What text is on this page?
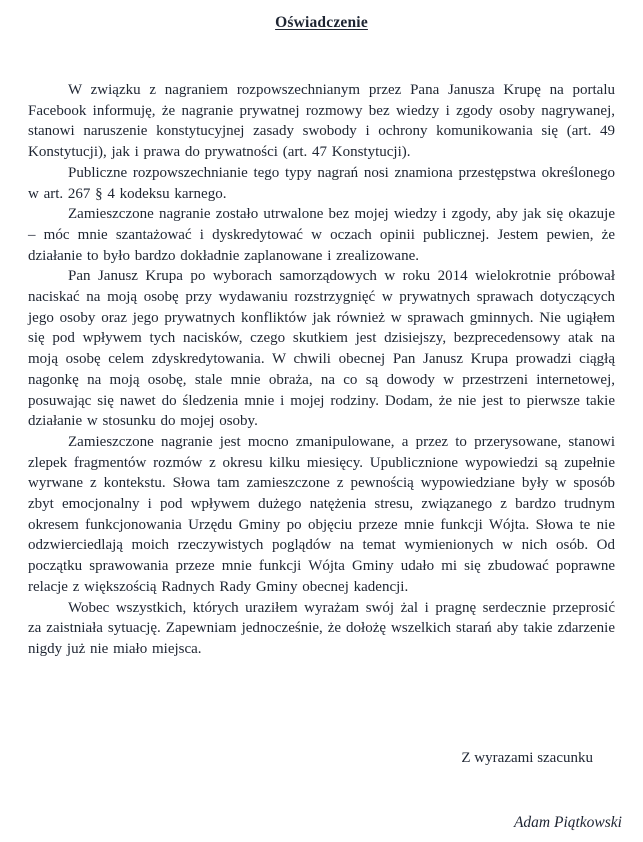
Oświadczenie

W związku z nagraniem rozpowszechnianym przez Pana Janusza Krupę na portalu Facebook informuję, że nagranie prywatnej rozmowy bez wiedzy i zgody osoby nagrywanej, stanowi naruszenie konstytucyjnej zasady swobody i ochrony komunikowania się (art. 49 Konstytucji), jak i prawa do prywatności (art. 47 Konstytucji).

Publiczne rozpowszechnianie tego typy nagrań nosi znamiona przestępstwa określonego w art. 267 § 4 kodeksu karnego.

Zamieszczone nagranie zostało utrwalone bez mojej wiedzy i zgody, aby jak się okazuje – móc mnie szantażować i dyskredytować w oczach opinii publicznej. Jestem pewien, że działanie to było bardzo dokładnie zaplanowane i zrealizowane.

Pan Janusz Krupa po wyborach samorządowych w roku 2014 wielokrotnie próbował naciskać na moją osobę przy wydawaniu rozstrzygnięć w prywatnych sprawach dotyczących jego osoby oraz jego prywatnych konfliktów jak również w sprawach gminnych. Nie ugiąłem się pod wpływem tych nacisków, czego skutkiem jest dzisiejszy, bezprecedensowy atak na moją osobę celem zdyskredytowania. W chwili obecnej Pan Janusz Krupa prowadzi ciągłą nagonkę na moją osobę, stale mnie obraża, na co są dowody w przestrzeni internetowej, posuwając się nawet do śledzenia mnie i mojej rodziny. Dodam, że nie jest to pierwsze takie działanie w stosunku do mojej osoby.

Zamieszczone nagranie jest mocno zmanipulowane, a przez to przerysowane, stanowi zlepek fragmentów rozmów z okresu kilku miesięcy. Upublicznione wypowiedzi są zupełnie wyrwane z kontekstu. Słowa tam zamieszczone z pewnością wypowiedziane były w sposób zbyt emocjonalny i pod wpływem dużego natężenia stresu, związanego z bardzo trudnym okresem funkcjonowania Urzędu Gminy po objęciu przeze mnie funkcji Wójta. Słowa te nie odzwierciedlają moich rzeczywistych poglądów na temat wymienionych w nich osób. Od początku sprawowania przeze mnie funkcji Wójta Gminy udało mi się zbudować poprawne relacje z większością Radnych Rady Gminy obecnej kadencji.

Wobec wszystkich, których uraziłem wyrażam swój żal i pragnę serdecznie przeprosić za zaistniała sytuację. Zapewniam jednocześnie, że dołożę wszelkich starań aby takie zdarzenie nigdy już nie miało miejsca.

Z wyrazami szacunku
Adam Piątkowski
